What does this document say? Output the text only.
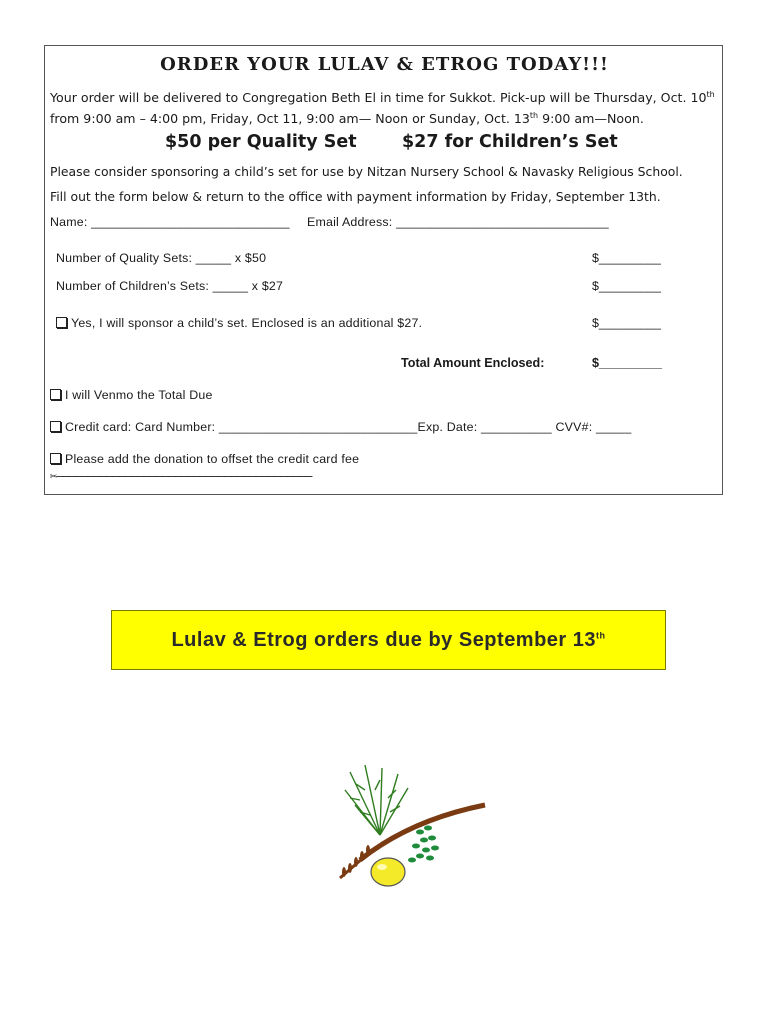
ORDER YOUR LULAV & ETROG TODAY!!!
Your order will be delivered to Congregation Beth El in time for Sukkot. Pick-up will be Thursday, Oct. 10th from 9:00 am – 4:00 pm, Friday, Oct 11, 9:00 am— Noon or Sunday, Oct. 13th 9:00 am—Noon.
$50 per Quality Set	$27 for Children’s Set
Please consider sponsoring a child’s set for use by Nitzan Nursery School & Navasky Religious School.
Fill out the form below & return to the office with payment information by Friday, September 13th.
Name: ____________________________ Email Address: ______________________________
Number of Quality Sets: _____ x $50	$_________
Number of Children’s Sets: _____ x $27	$_________
Yes, I will sponsor a child’s set. Enclosed is an additional $27.	$_________
Total Amount Enclosed:	$_________
I will Venmo the Total Due
Credit card: Card Number: ____________________________Exp. Date: __________ CVV#: _____
Please add the donation to offset the credit card fee
✂—————————————————————————————————————————
Lulav & Etrog orders due by September 13th
